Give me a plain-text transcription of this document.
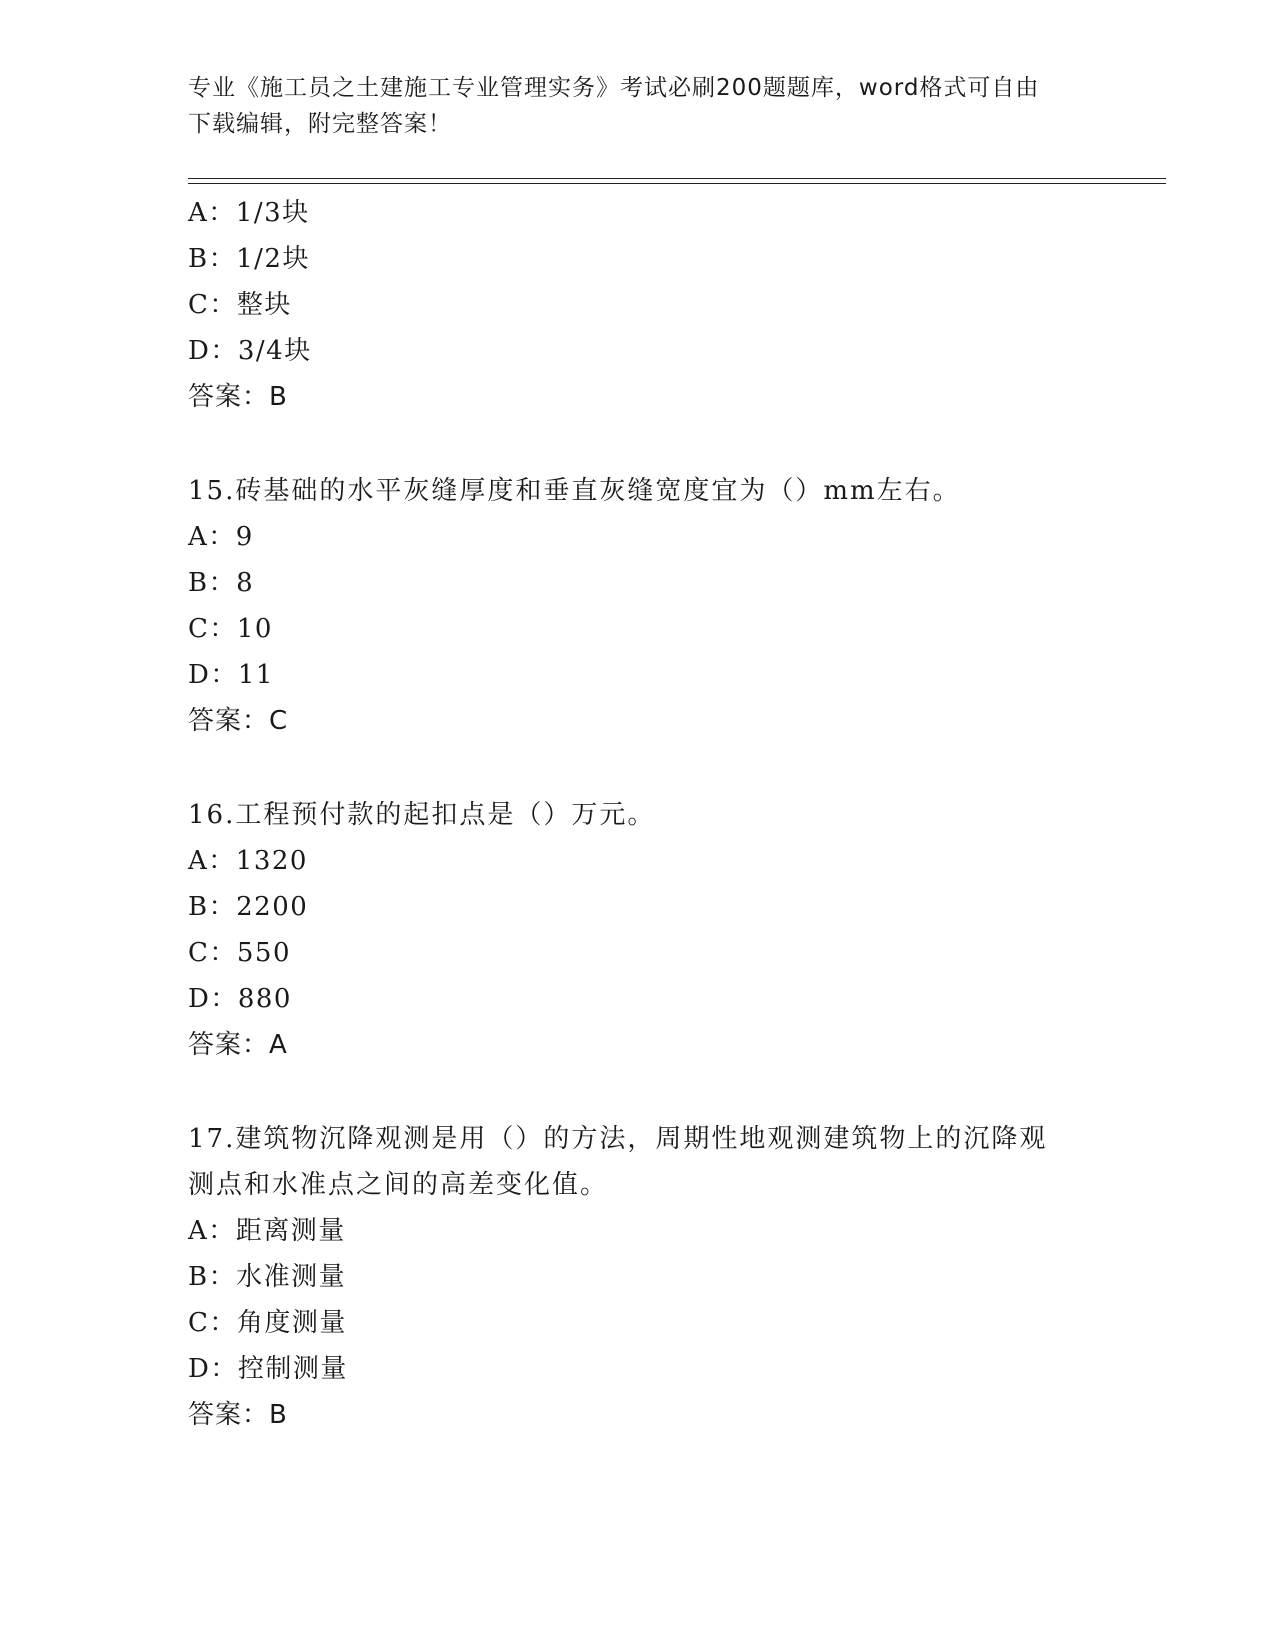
专业《施工员之土建施工专业管理实务》考试必刷200题题库，word格式可自由
下载编辑，附完整答案！
A：1/3块
B：1/2块
C：整块
D：3/4块
答案：B
15.砖基础的水平灰缝厚度和垂直灰缝宽度宜为（）mm左右。
A：9
B：8
C：10
D：11
答案：C
16.工程预付款的起扣点是（）万元。
A：1320
B：2200
C：550
D：880
答案：A
17.建筑物沉降观测是用（）的方法，周期性地观测建筑物上的沉降观
测点和水准点之间的高差变化值。
A：距离测量
B：水准测量
C：角度测量
D：控制测量
答案：B
